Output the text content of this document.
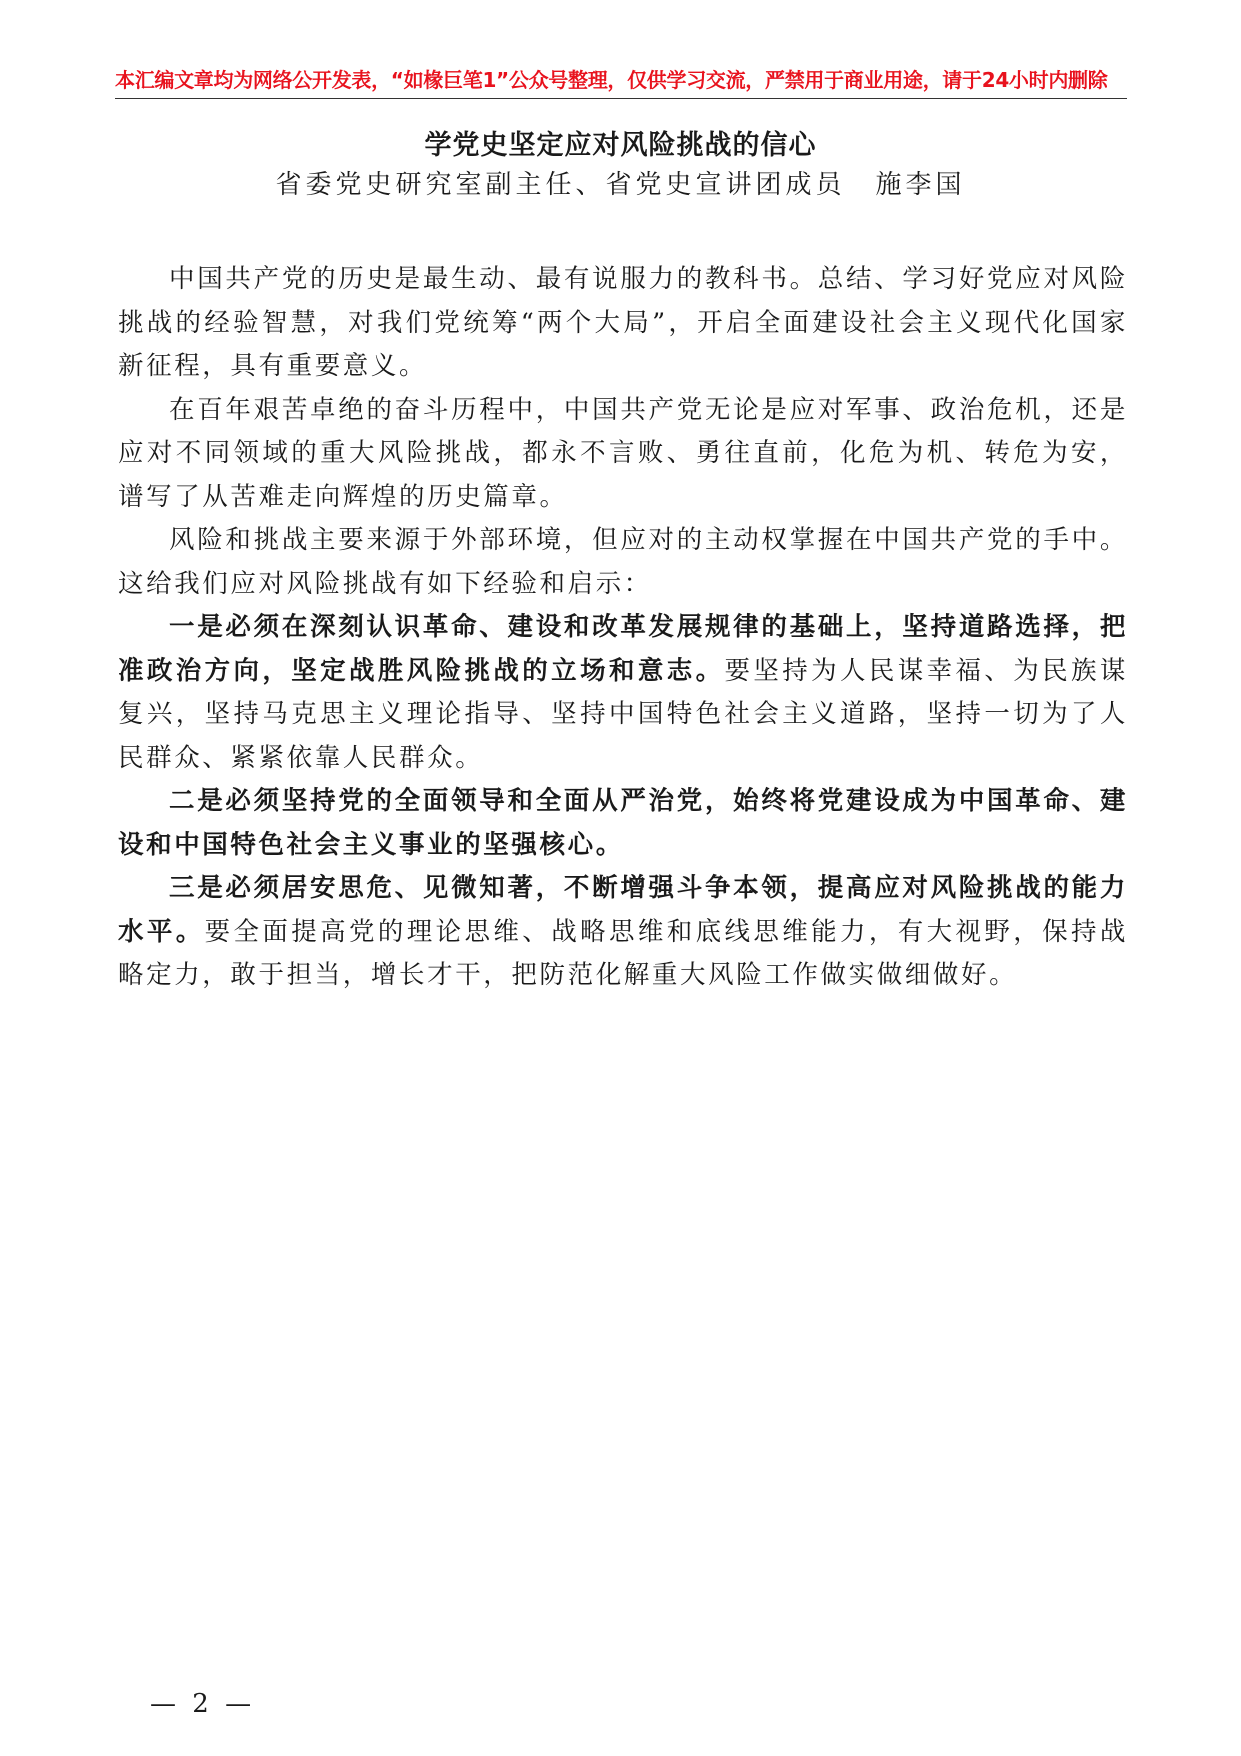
本汇编文章均为网络公开发表，“如椽巨笔1”公众号整理，仅供学习交流，严禁用于商业用途，请于24小时内删除
学党史坚定应对风险挑战的信心
省委党史研究室副主任、省党史宣讲团成员　施李国

中国共产党的历史是最生动、最有说服力的教科书。总结、学习好党应对风险挑战的经验智慧，对我们党统筹“两个大局”，开启全面建设社会主义现代化国家新征程，具有重要意义。

在百年艰苦卓绝的奋斗历程中，中国共产党无论是应对军事、政治危机，还是应对不同领域的重大风险挑战，都永不言败、勇往直前，化危为机、转危为安，谱写了从苦难走向辉煌的历史篇章。

风险和挑战主要来源于外部环境，但应对的主动权掌握在中国共产党的手中。这给我们应对风险挑战有如下经验和启示：

一是必须在深刻认识革命、建设和改革发展规律的基础上，坚持道路选择，把准政治方向，坚定战胜风险挑战的立场和意志。要坚持为人民谋幸福、为民族谋复兴，坚持马克思主义理论指导、坚持中国特色社会主义道路，坚持一切为了人民群众、紧紧依靠人民群众。

二是必须坚持党的全面领导和全面从严治党，始终将党建设成为中国革命、建设和中国特色社会主义事业的坚强核心。

三是必须居安思危、见微知著，不断增强斗争本领，提高应对风险挑战的能力水平。要全面提高党的理论思维、战略思维和底线思维能力，有大视野，保持战略定力，敢于担当，增长才干，把防范化解重大风险工作做实做细做好。

— 2 —
